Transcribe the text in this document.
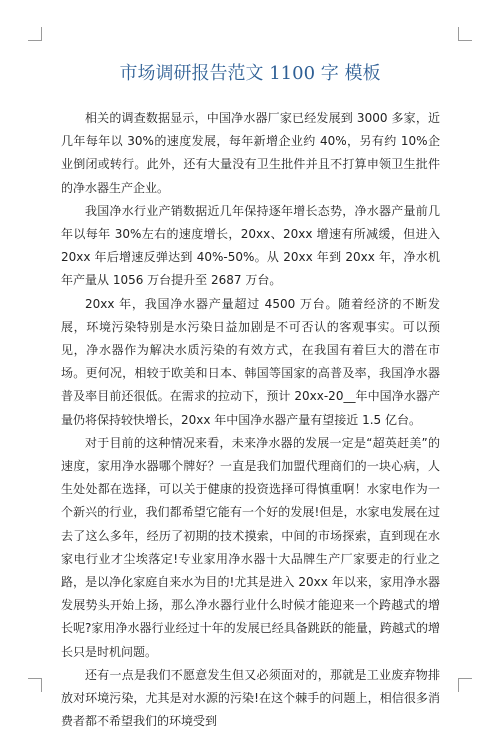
市场调研报告范文 1100 字 模板

相关的调查数据显示，中国净水器厂家已经发展到 3000 多家，近几年每年以 30%的速度发展，每年新增企业约 40%，另有约 10%企业倒闭或转行。此外，还有大量没有卫生批件并且不打算申领卫生批件的净水器生产企业。

我国净水行业产销数据近几年保持逐年增长态势，净水器产量前几年以每年 30%左右的速度增长，20xx、20xx 增速有所减缓，但进入 20xx 年后增速反弹达到 40%-50%。从 20xx 年到 20xx 年，净水机年产量从 1056 万台提升至 2687 万台。

20xx 年，我国净水器产量超过 4500 万台。随着经济的不断发展，环境污染特别是水污染日益加剧是不可否认的客观事实。可以预见，净水器作为解决水质污染的有效方式，在我国有着巨大的潜在市场。更何况，相较于欧美和日本、韩国等国家的高普及率，我国净水器普及率目前还很低。在需求的拉动下，预计 20xx-20__年中国净水器产量仍将保持较快增长，20xx 年中国净水器产量有望接近 1.5 亿台。

对于目前的这种情况来看，未来净水器的发展一定是“超英赶美”的速度，家用净水器哪个牌好？一直是我们加盟代理商们的一块心病，人生处处都在选择，可以关于健康的投资选择可得慎重啊！水家电作为一个新兴的行业，我们都希望它能有一个好的发展!但是，水家电发展在过去了这么多年，经历了初期的技术摸索，中间的市场探索，直到现在水家电行业才尘埃落定!专业家用净水器十大品牌生产厂家要走的行业之路，是以净化家庭自来水为目的!尤其是进入 20xx 年以来，家用净水器发展势头开始上扬，那么净水器行业什么时候才能迎来一个跨越式的增长呢?家用净水器行业经过十年的发展已经具备跳跃的能量，跨越式的增长只是时机问题。

还有一点是我们不愿意发生但又必须面对的，那就是工业废弃物排放对环境污染，尤其是对水源的污染!在这个棘手的问题上，相信很多消费者都不希望我们的环境受到
